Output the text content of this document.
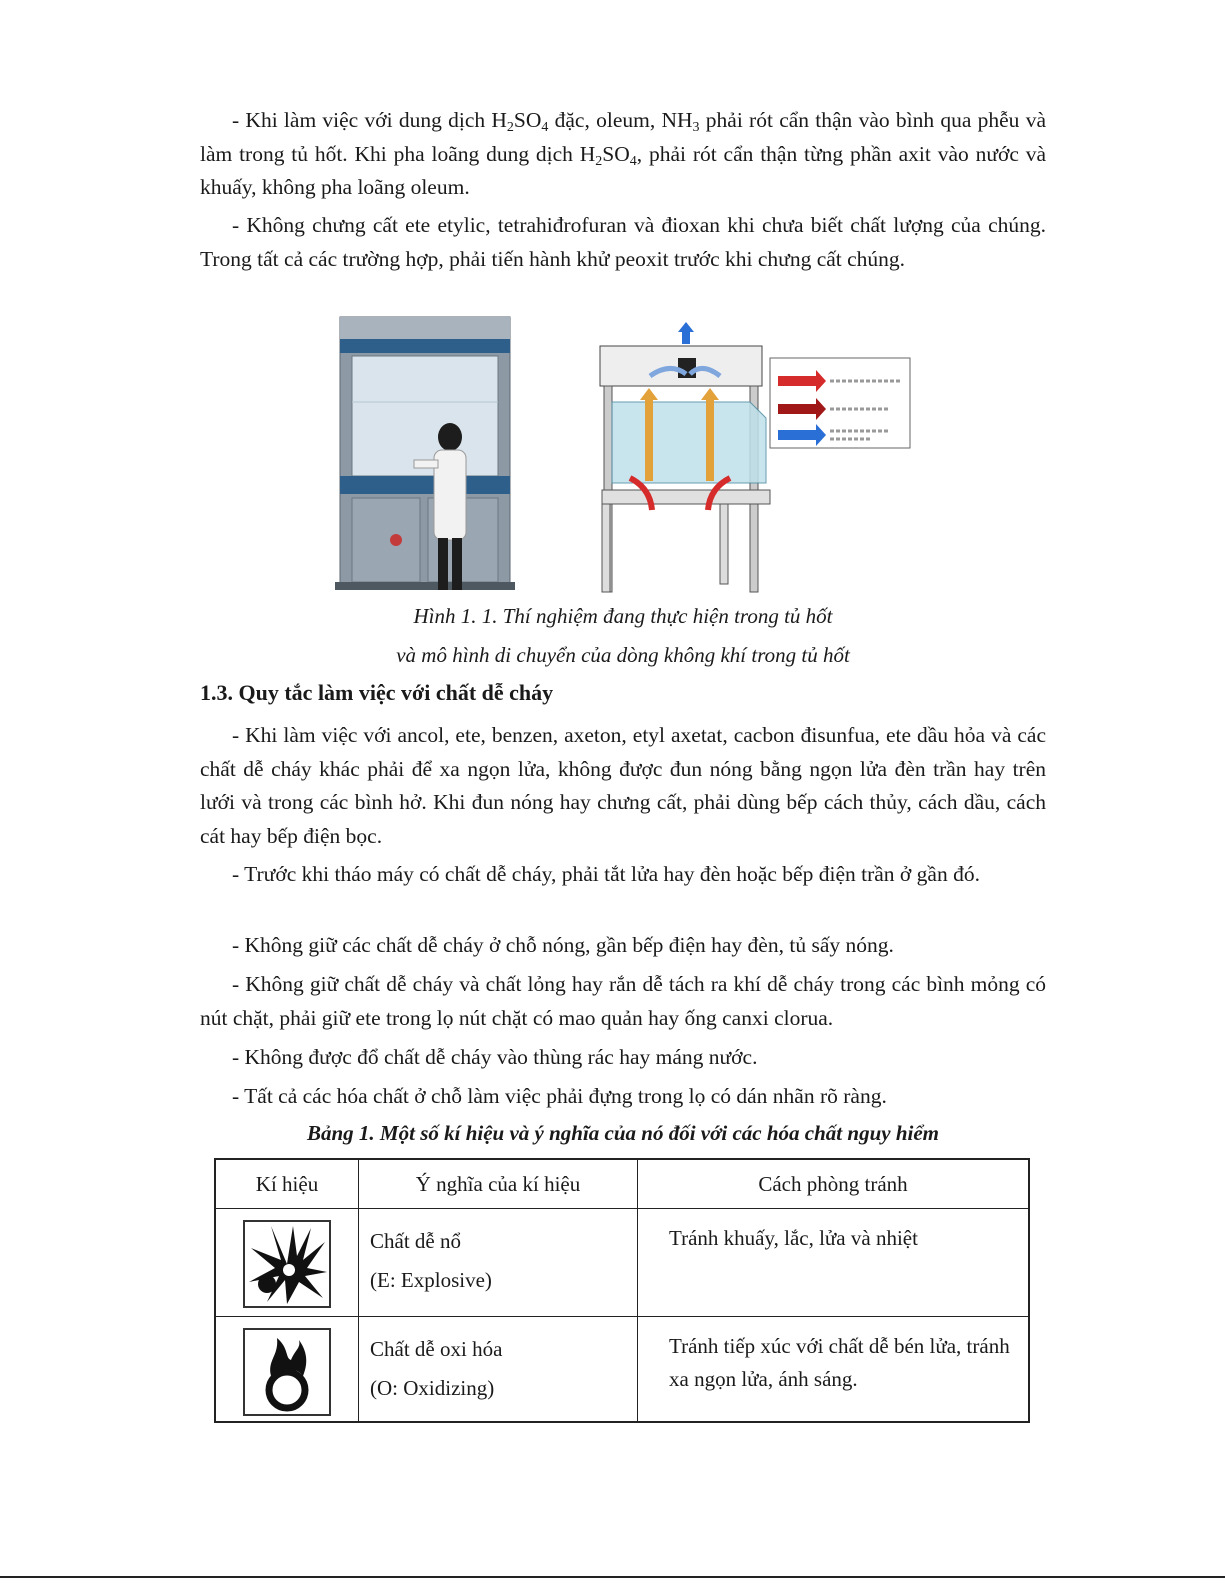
- Khi làm việc với dung dịch $H_2SO_4$ đặc, oleum, $NH_3$ phải rót cẩn thận vào bình qua phễu và làm trong tủ hốt. Khi pha loãng dung dịch $H_2SO_4$, phải rót cẩn thận từng phần axit vào nước và khuấy, không pha loãng oleum.

- Không chưng cất ete etylic, tetrahiđrofuran và đioxan khi chưa biết chất lượng của chúng. Trong tất cả các trường hợp, phải tiến hành khử peoxit trước khi chưng cất chúng.

Hình 1. 1. Thí nghiệm đang thực hiện trong tủ hốt
và mô hình di chuyển của dòng không khí trong tủ hốt
1.3. Quy tắc làm việc với chất dễ cháy

- Khi làm việc với ancol, ete, benzen, axeton, etyl axetat, cacbon đisunfua, ete dầu hỏa và các chất dễ cháy khác phải để xa ngọn lửa, không được đun nóng bằng ngọn lửa đèn trần hay trên lưới và trong các bình hở. Khi đun nóng hay chưng cất, phải dùng bếp cách thủy, cách dầu, cách cát hay bếp điện bọc.

- Trước khi tháo máy có chất dễ cháy, phải tắt lửa hay đèn hoặc bếp điện trần ở gần đó.

- Không giữ các chất dễ cháy ở chỗ nóng, gần bếp điện hay đèn, tủ sấy nóng.

- Không giữ chất dễ cháy và chất lỏng hay rắn dễ tách ra khí dễ cháy trong các bình mỏng có nút chặt, phải giữ ete trong lọ nút chặt có mao quản hay ống canxi clorua.

- Không được đổ chất dễ cháy vào thùng rác hay máng nước.

- Tất cả các hóa chất ở chỗ làm việc phải đựng trong lọ có dán nhãn rõ ràng.

Bảng 1. Một số kí hiệu và ý nghĩa của nó đối với các hóa chất nguy hiểm
Kí hiệu	Ý nghĩa của kí hiệu	Cách phòng tránh

Chất dễ nổ
(E: Explosive)	Tránh khuấy, lắc, lửa và nhiệt

Chất dễ oxi hóa
(O: Oxidizing)	Tránh tiếp xúc với chất dễ bén lửa, tránh xa ngọn lửa, ánh sáng.
